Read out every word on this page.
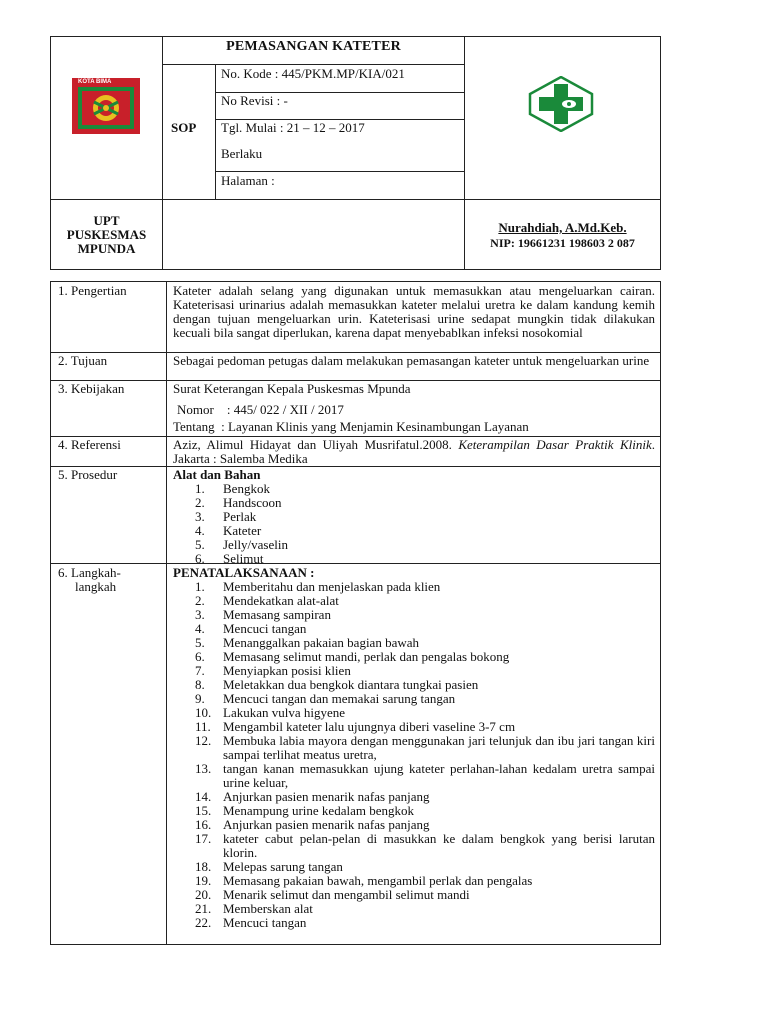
KOTA BIMA
PEMASANGAN KATETER
SOP
No. Kode : 445/PKM.MP/KIA/021
No Revisi : -
Tgl. Mulai : 21 – 12 – 2017
Berlaku
Halaman :
UPT
PUSKESMAS
MPUNDA
Nurahdiah, A.Md.Keb.
NIP: 19661231 198603 2 087
1. Pengertian	Kateter adalah selang yang digunakan untuk memasukkan atau mengeluarkan cairan. Kateterisasi urinarius adalah memasukkan kateter melalui uretra ke dalam kandung kemih dengan tujuan mengeluarkan urin. Kateterisasi urine sedapat mungkin tidak dilakukan kecuali bila sangat diperlukan, karena dapat menyebablkan infeksi nosokomial
2. Tujuan	Sebagai pedoman petugas dalam melakukan pemasangan kateter untuk mengeluarkan urine
3. Kebijakan	Surat Keterangan Kepala Puskesmas Mpunda
Nomor    : 445/ 022 / XII / 2017
Tentang  : Layanan Klinis yang Menjamin Kesinambungan Layanan
4. Referensi	Aziz, Alimul Hidayat dan Uliyah Musrifatul.2008. Keterampilan Dasar Praktik Klinik. Jakarta : Salemba Medika
5. Prosedur	Alat dan Bahan
1.	Bengkok
2.	Handscoon
3.	Perlak
4.	Kateter
5.	Jelly/vaselin
6.	Selimut
6. Langkah-
langkah
PENATALAKSANAAN :
1.	Memberitahu dan menjelaskan pada klien
2.	Mendekatkan alat-alat
3.	Memasang sampiran
4.	Mencuci tangan
5.	Menanggalkan pakaian bagian bawah
6.	Memasang selimut mandi, perlak dan pengalas bokong
7.	Menyiapkan posisi klien
8.	Meletakkan dua bengkok diantara tungkai pasien
9.	Mencuci tangan dan memakai sarung tangan
10. Lakukan vulva higyene
11. Mengambil kateter lalu ujungnya diberi vaseline 3-7 cm
12. Membuka labia mayora dengan menggunakan jari telunjuk dan ibu jari tangan kiri sampai terlihat meatus uretra,
13. tangan kanan memasukkan ujung kateter perlahan-lahan kedalam uretra sampai urine keluar,
14. Anjurkan pasien menarik nafas panjang
15. Menampung urine kedalam bengkok
16. Anjurkan pasien menarik nafas panjang
17. kateter cabut pelan-pelan di masukkan ke dalam bengkok yang berisi larutan klorin.
18. Melepas sarung tangan
19. Memasang pakaian bawah, mengambil perlak dan pengalas
20. Menarik selimut dan mengambil selimut mandi
21. Memberskan alat
22. Mencuci tangan
